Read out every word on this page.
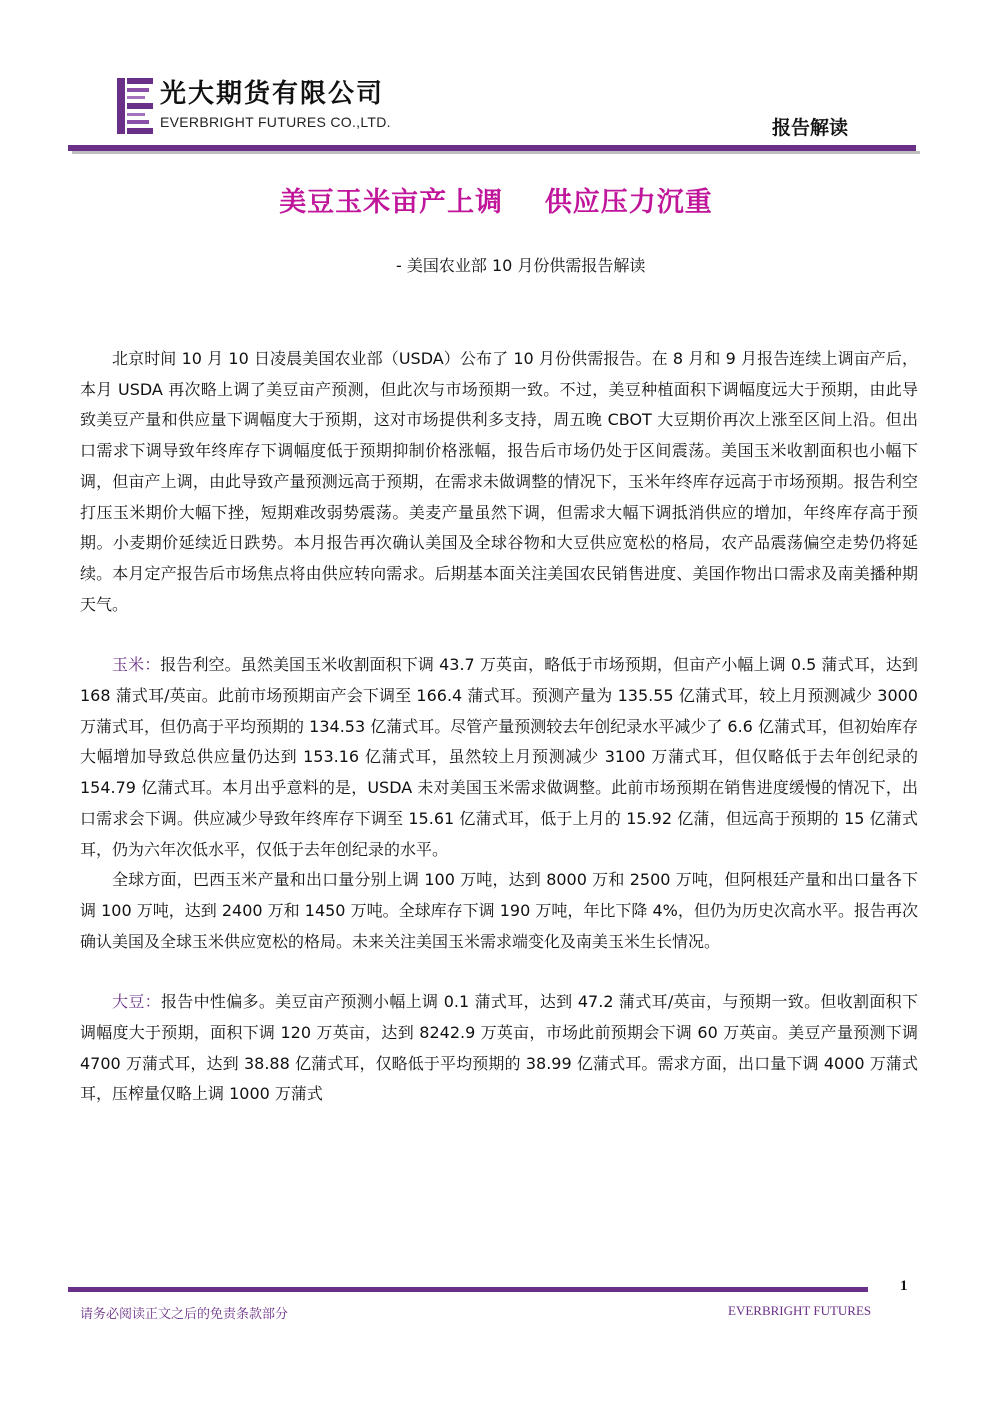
光大期货有限公司
EVERBRIGHT FUTURES CO.,LTD.	报告解读
美豆玉米亩产上调    供应压力沉重
- 美国农业部 10 月份供需报告解读

北京时间 10 月 10 日凌晨美国农业部（USDA）公布了 10 月份供需报告。在 8 月和 9 月报告连续上调亩产后，本月 USDA 再次略上调了美豆亩产预测，但此次与市场预期一致。不过，美豆种植面积下调幅度远大于预期，由此导致美豆产量和供应量下调幅度大于预期，这对市场提供利多支持，周五晚 CBOT 大豆期价再次上涨至区间上沿。但出口需求下调导致年终库存下调幅度低于预期抑制价格涨幅，报告后市场仍处于区间震荡。美国玉米收割面积也小幅下调，但亩产上调，由此导致产量预测远高于预期，在需求未做调整的情况下，玉米年终库存远高于市场预期。报告利空打压玉米期价大幅下挫，短期难改弱势震荡。美麦产量虽然下调，但需求大幅下调抵消供应的增加，年终库存高于预期。小麦期价延续近日跌势。本月报告再次确认美国及全球谷物和大豆供应宽松的格局，农产品震荡偏空走势仍将延续。本月定产报告后市场焦点将由供应转向需求。后期基本面关注美国农民销售进度、美国作物出口需求及南美播种期天气。

玉米：报告利空。虽然美国玉米收割面积下调 43.7 万英亩，略低于市场预期，但亩产小幅上调 0.5 蒲式耳，达到 168 蒲式耳/英亩。此前市场预期亩产会下调至 166.4 蒲式耳。预测产量为 135.55 亿蒲式耳，较上月预测减少 3000 万蒲式耳，但仍高于平均预期的 134.53 亿蒲式耳。尽管产量预测较去年创纪录水平减少了 6.6 亿蒲式耳，但初始库存大幅增加导致总供应量仍达到 153.16 亿蒲式耳，虽然较上月预测减少 3100 万蒲式耳，但仅略低于去年创纪录的 154.79 亿蒲式耳。本月出乎意料的是，USDA 未对美国玉米需求做调整。此前市场预期在销售进度缓慢的情况下，出口需求会下调。供应减少导致年终库存下调至 15.61 亿蒲式耳，低于上月的 15.92 亿蒲，但远高于预期的 15 亿蒲式耳，仍为六年次低水平，仅低于去年创纪录的水平。

全球方面，巴西玉米产量和出口量分别上调 100 万吨，达到 8000 万和 2500 万吨，但阿根廷产量和出口量各下调 100 万吨，达到 2400 万和 1450 万吨。全球库存下调 190 万吨，年比下降 4%，但仍为历史次高水平。报告再次确认美国及全球玉米供应宽松的格局。未来关注美国玉米需求端变化及南美玉米生长情况。

大豆：报告中性偏多。美豆亩产预测小幅上调 0.1 蒲式耳，达到 47.2 蒲式耳/英亩，与预期一致。但收割面积下调幅度大于预期，面积下调 120 万英亩，达到 8242.9 万英亩，市场此前预期会下调 60 万英亩。美豆产量预测下调 4700 万蒲式耳，达到 38.88 亿蒲式耳，仅略低于平均预期的 38.99 亿蒲式耳。需求方面，出口量下调 4000 万蒲式耳，压榨量仅略上调 1000 万蒲式

1
请务必阅读正文之后的免责条款部分	EVERBRIGHT FUTURES
